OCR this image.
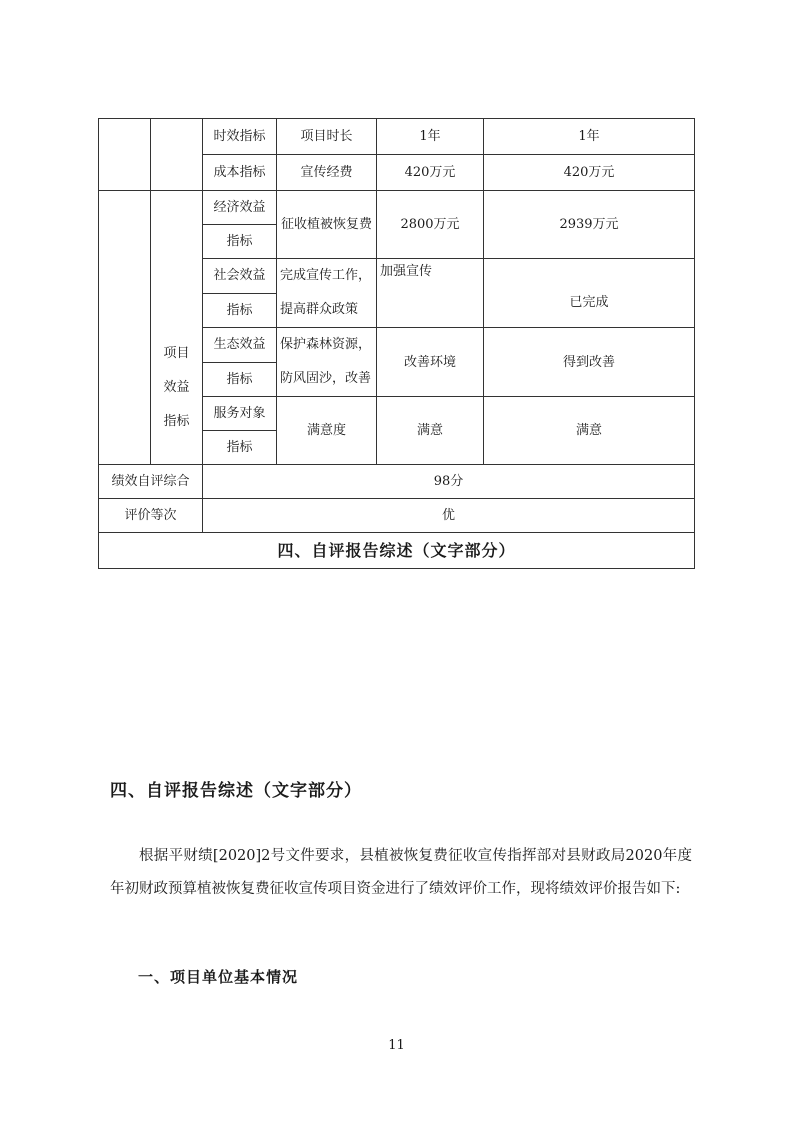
		时效指标	项目时长	1年	1年
		成本指标	宣传经费	420万元	420万元

	项目效益指标	经济效益	征收植被恢复费	2800万元	2939万元
		指标			
		社会效益	完成宣传工作，提高群众政策	加强宣传	已完成
		指标			
		生态效益	保护森林资源，防风固沙，改善	改善环境	得到改善
		指标			
		服务对象	满意度	满意	满意
		指标			
绩效自评综合		98分			
评价等次		优			
四、自评报告综述（文字部分）					
四、自评报告综述（文字部分）

根据平财绩[2020]2号文件要求，县植被恢复费征收宣传指挥部对县财政局2020年度年初财政预算植被恢复费征收宣传项目资金进行了绩效评价工作，现将绩效评价报告如下:

一、项目单位基本情况
11
